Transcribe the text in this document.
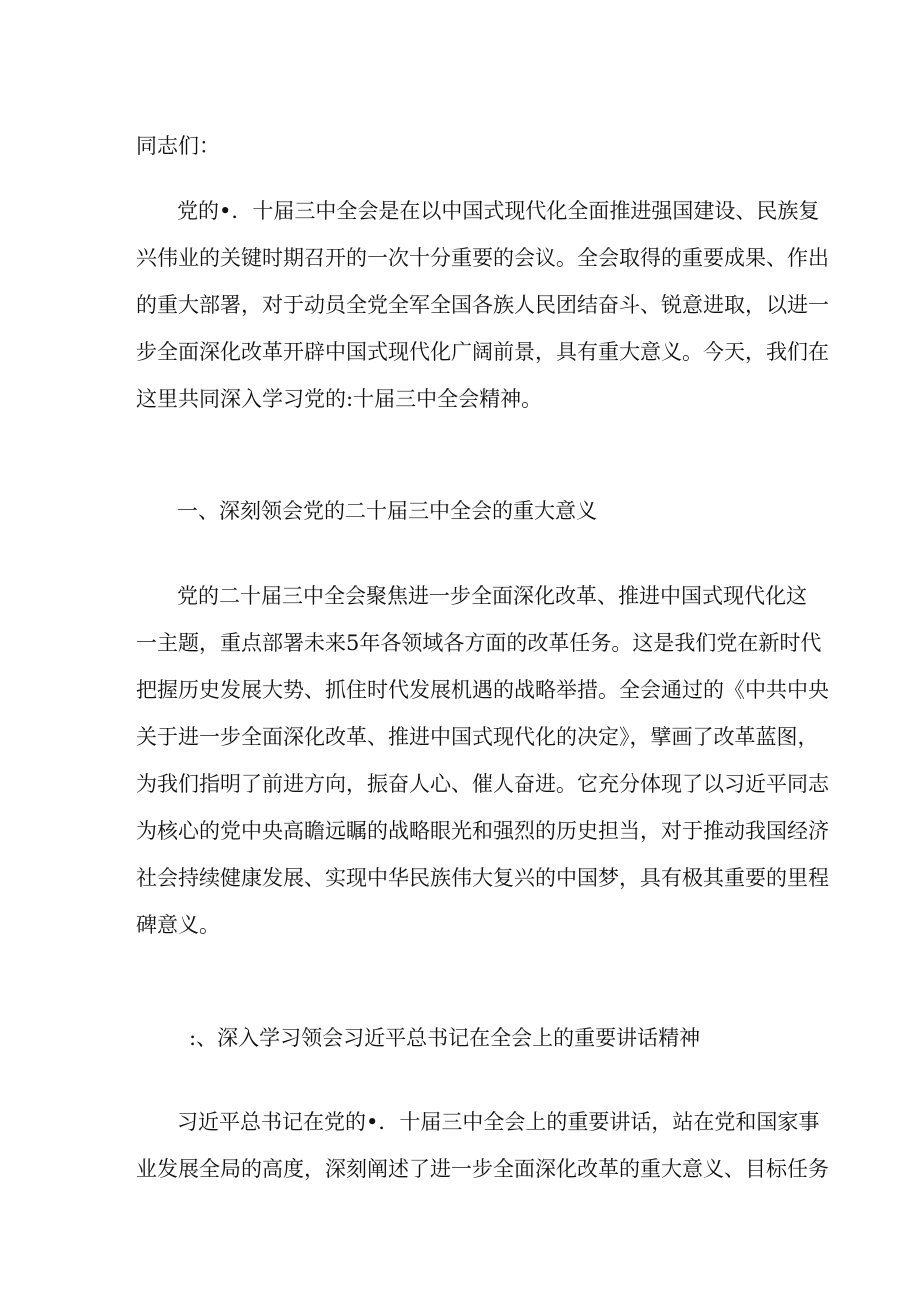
同志们：
党的•．十届三中全会是在以中国式现代化全面推进强国建设、民族复
兴伟业的关键时期召开的一次十分重要的会议。全会取得的重要成果、作出
的重大部署，对于动员全党全军全国各族人民团结奋斗、锐意进取，以进一
步全面深化改革开辟中国式现代化广阔前景，具有重大意义。今天，我们在
这里共同深入学习党的:十届三中全会精神。
一、深刻领会党的二十届三中全会的重大意义
党的二十届三中全会聚焦进一步全面深化改革、推进中国式现代化这
一主题，重点部署未来5年各领域各方面的改革任务。这是我们党在新时代
把握历史发展大势、抓住时代发展机遇的战略举措。全会通过的《中共中央
关于进一步全面深化改革、推进中国式现代化的决定》，擘画了改革蓝图，
为我们指明了前进方向，振奋人心、催人奋进。它充分体现了以习近平同志
为核心的党中央高瞻远瞩的战略眼光和强烈的历史担当，对于推动我国经济
社会持续健康发展、实现中华民族伟大复兴的中国梦，具有极其重要的里程
碑意义。
:、深入学习领会习近平总书记在全会上的重要讲话精神
习近平总书记在党的•．十届三中全会上的重要讲话，站在党和国家事
业发展全局的高度，深刻阐述了进一步全面深化改革的重大意义、目标任务
